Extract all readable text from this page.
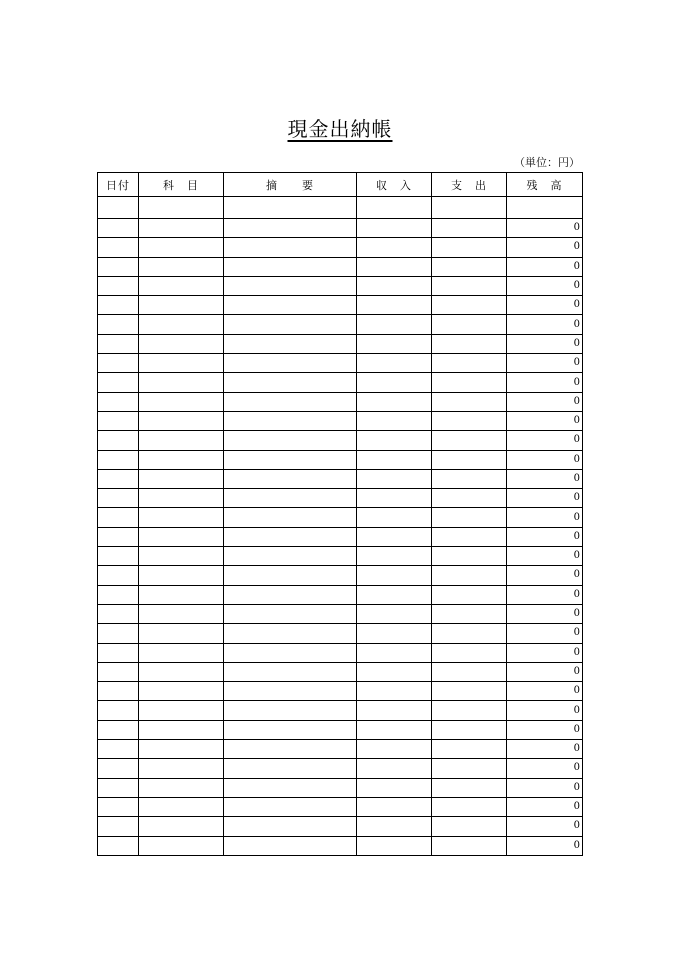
現金出納帳
（単位：円）
日付	科　目	摘　　要	収　入	支　出	残　高

					0
					0
					0
					0
					0
					0
					0
					0
					0
					0
					0
					0
					0
					0
					0
					0
					0
					0
					0
					0
					0
					0
					0
					0
					0
					0
					0
					0
					0
					0
					0
					0
					0
